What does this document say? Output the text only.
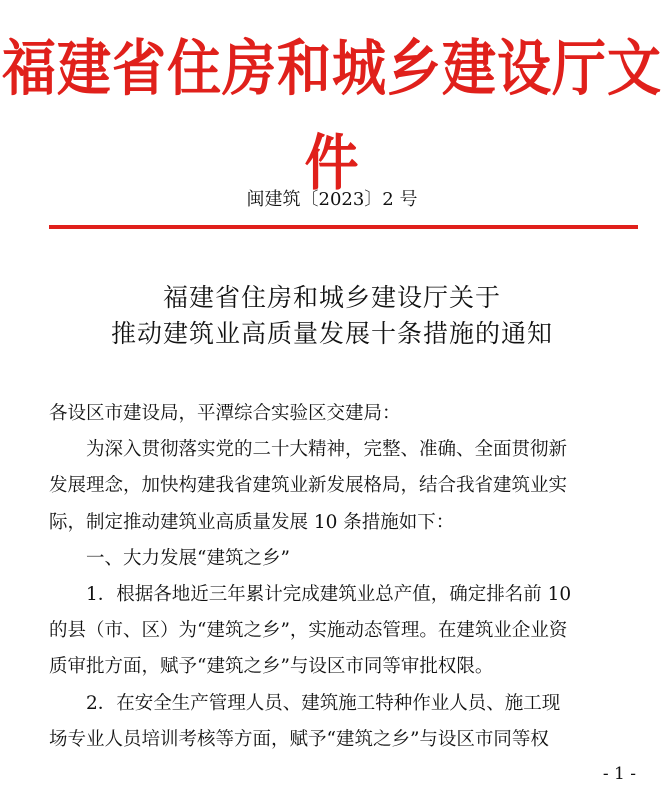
福建省住房和城乡建设厅文件
闽建筑〔2023〕2 号
福建省住房和城乡建设厅关于
推动建筑业高质量发展十条措施的通知
各设区市建设局，平潭综合实验区交建局：
为深入贯彻落实党的二十大精神，完整、准确、全面贯彻新
发展理念，加快构建我省建筑业新发展格局，结合我省建筑业实
际，制定推动建筑业高质量发展 10 条措施如下：
一、大力发展“建筑之乡”
1．根据各地近三年累计完成建筑业总产值，确定排名前 10
的县（市、区）为“建筑之乡”，实施动态管理。在建筑业企业资
质审批方面，赋予“建筑之乡”与设区市同等审批权限。
2．在安全生产管理人员、建筑施工特种作业人员、施工现
场专业人员培训考核等方面，赋予“建筑之乡”与设区市同等权
- 1 -
